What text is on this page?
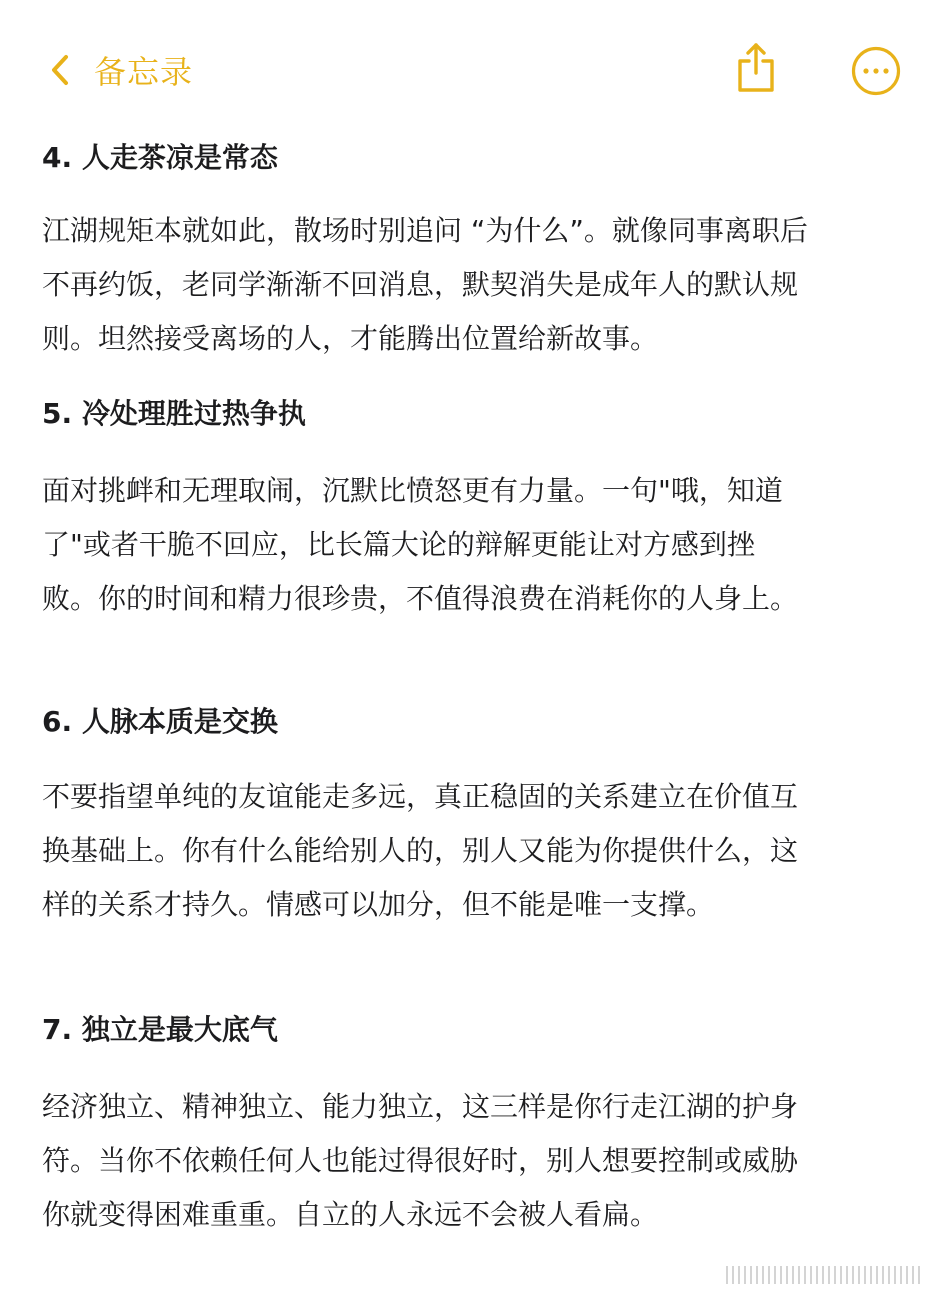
备忘录
4. 人走茶凉是常态
江湖规矩本就如此，散场时别追问 “为什么”。就像同事离职后
不再约饭，老同学渐渐不回消息，默契消失是成年人的默认规
则。坦然接受离场的人，才能腾出位置给新故事。
5. 冷处理胜过热争执
面对挑衅和无理取闹，沉默比愤怒更有力量。一句"哦，知道
了"或者干脆不回应，比长篇大论的辩解更能让对方感到挫
败。你的时间和精力很珍贵，不值得浪费在消耗你的人身上。
6. 人脉本质是交换
不要指望单纯的友谊能走多远，真正稳固的关系建立在价值互
换基础上。你有什么能给别人的，别人又能为你提供什么，这
样的关系才持久。情感可以加分，但不能是唯一支撑。
7. 独立是最大底气
经济独立、精神独立、能力独立，这三样是你行走江湖的护身
符。当你不依赖任何人也能过得很好时，别人想要控制或威胁
你就变得困难重重。自立的人永远不会被人看扁。
